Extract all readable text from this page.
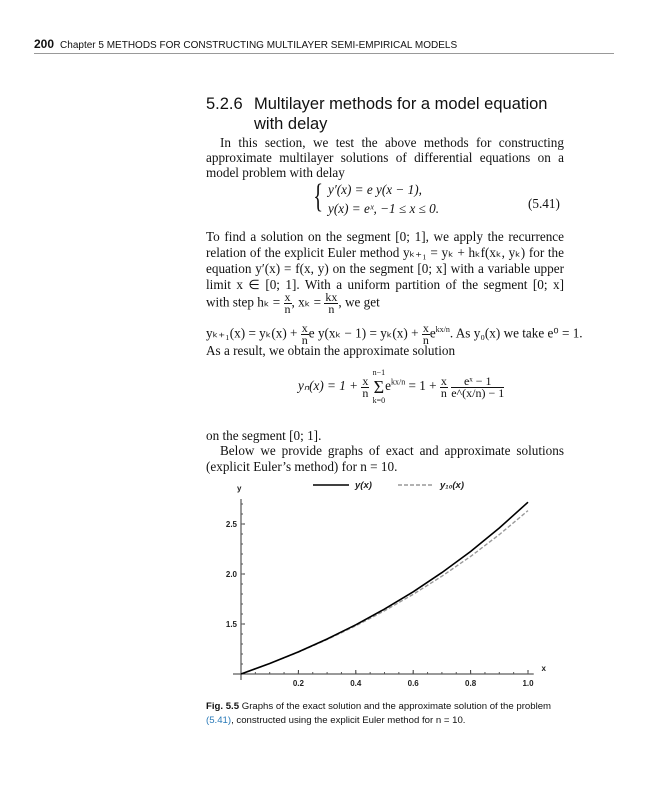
200 Chapter 5 METHODS FOR CONSTRUCTING MULTILAYER SEMI-EMPIRICAL MODELS
5.2.6 Multilayer methods for a model equation
with delay
In this section, we test the above methods for constructing
approximate multilayer solutions of differential equations on a
model problem with delay
{ y′(x) = e y(x − 1),
y(x) = eˣ, −1 ≤ x ≤ 0.	(5.41)
To find a solution on the segment [0; 1], we apply the recurrence
relation of the explicit Euler method yₖ₊₁ = yₖ + hₖf(xₖ, yₖ) for the
equation y′(x) = f(x, y) on the segment [0; x] with a variable upper
limit x ∈ [0; 1]. With a uniform partition of the segment [0; x]
with step $h_k = \frac{x}{n}$ , $x_k = \frac{kx}{n}$ , we get
$y_{k+1}(x) = y_k(x) + \frac{x}{n}$ e $y(x_k - 1) = y_k(x) + \frac{x}{n} e^{kx/n}$. As y₀(x) we take e⁰ = 1.
As a result, we obtain the approximate solution
$y_n(x) = 1 + \frac{x}{n}$

n−1
Σ
k=0
$e^{kx/n} = 1 + \frac{x}{n}$
$\frac{\text{eˣ − 1}}{e\^{}(x/n) - 1}$
on the segment [0; 1].
Below we provide graphs of exact and approximate solutions
(explicit Euler’s method) for n = 10.
x
y
0.2	0.4	0.6	0.8	1.0
1.5
2.0
2.5
y(x)	y₁₀(x)
Fig. 5.5 Graphs of the exact solution and the approximate solution of the problem (5.41), constructed using the explicit Euler method for n = 10.
